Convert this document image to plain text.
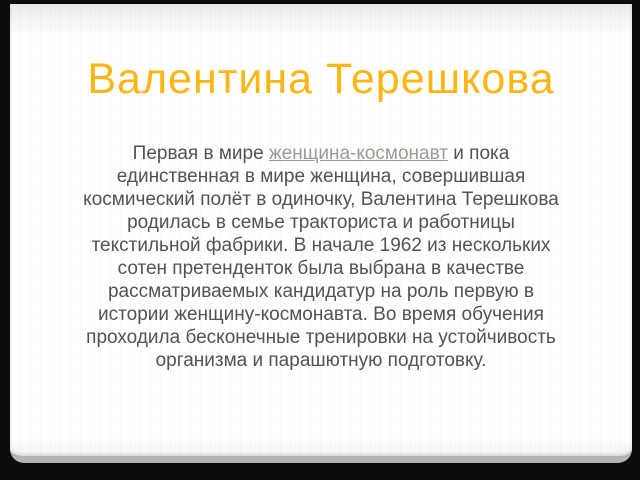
Валентина Терешкова

Первая в мире женщина-космонавт и пока единственная в мире женщина, совершившая космический полёт в одиночку, Валентина Терешкова родилась в семье тракториста и работницы текстильной фабрики. В начале 1962 из нескольких сотен претенденток была выбрана в качестве рассматриваемых кандидатур на роль первую в истории женщину-космонавта. Во время обучения проходила бесконечные тренировки на устойчивость организма и парашютную подготовку.
